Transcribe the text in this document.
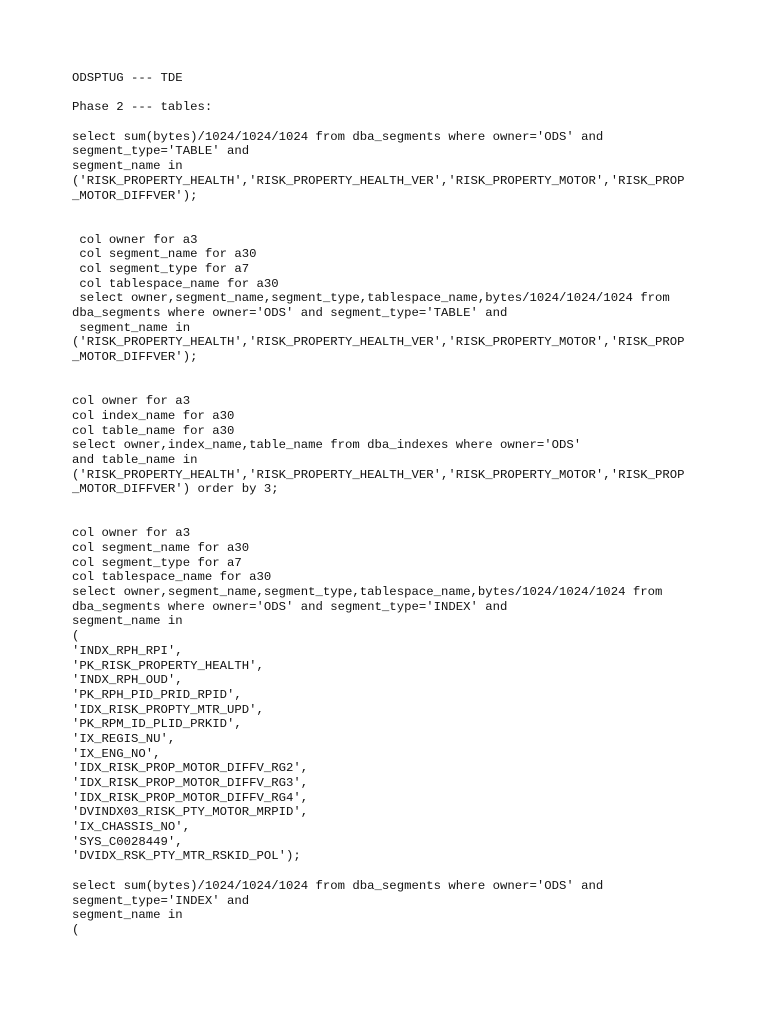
ODSPTUG --- TDE
Phase 2 --- tables:
select sum(bytes)/1024/1024/1024 from dba_segments where owner='ODS' and
segment_type='TABLE' and
segment_name in
('RISK_PROPERTY_HEALTH','RISK_PROPERTY_HEALTH_VER','RISK_PROPERTY_MOTOR','RISK_PROP
_MOTOR_DIFFVER');
col owner for a3
col segment_name for a30
col segment_type for a7
col tablespace_name for a30
select owner,segment_name,segment_type,tablespace_name,bytes/1024/1024/1024 from
dba_segments where owner='ODS' and segment_type='TABLE' and
segment_name in
('RISK_PROPERTY_HEALTH','RISK_PROPERTY_HEALTH_VER','RISK_PROPERTY_MOTOR','RISK_PROP
_MOTOR_DIFFVER');
col owner for a3
col index_name for a30
col table_name for a30
select owner,index_name,table_name from dba_indexes where owner='ODS'
and table_name in
('RISK_PROPERTY_HEALTH','RISK_PROPERTY_HEALTH_VER','RISK_PROPERTY_MOTOR','RISK_PROP
_MOTOR_DIFFVER') order by 3;
col owner for a3
col segment_name for a30
col segment_type for a7
col tablespace_name for a30
select owner,segment_name,segment_type,tablespace_name,bytes/1024/1024/1024 from
dba_segments where owner='ODS' and segment_type='INDEX' and
segment_name in
(
'INDX_RPH_RPI',
'PK_RISK_PROPERTY_HEALTH',
'INDX_RPH_OUD',
'PK_RPH_PID_PRID_RPID',
'IDX_RISK_PROPTY_MTR_UPD',
'PK_RPM_ID_PLID_PRKID',
'IX_REGIS_NU',
'IX_ENG_NO',
'IDX_RISK_PROP_MOTOR_DIFFV_RG2',
'IDX_RISK_PROP_MOTOR_DIFFV_RG3',
'IDX_RISK_PROP_MOTOR_DIFFV_RG4',
'DVINDX03_RISK_PTY_MOTOR_MRPID',
'IX_CHASSIS_NO',
'SYS_C0028449',
'DVIDX_RSK_PTY_MTR_RSKID_POL');
select sum(bytes)/1024/1024/1024 from dba_segments where owner='ODS' and
segment_type='INDEX' and
segment_name in
(
